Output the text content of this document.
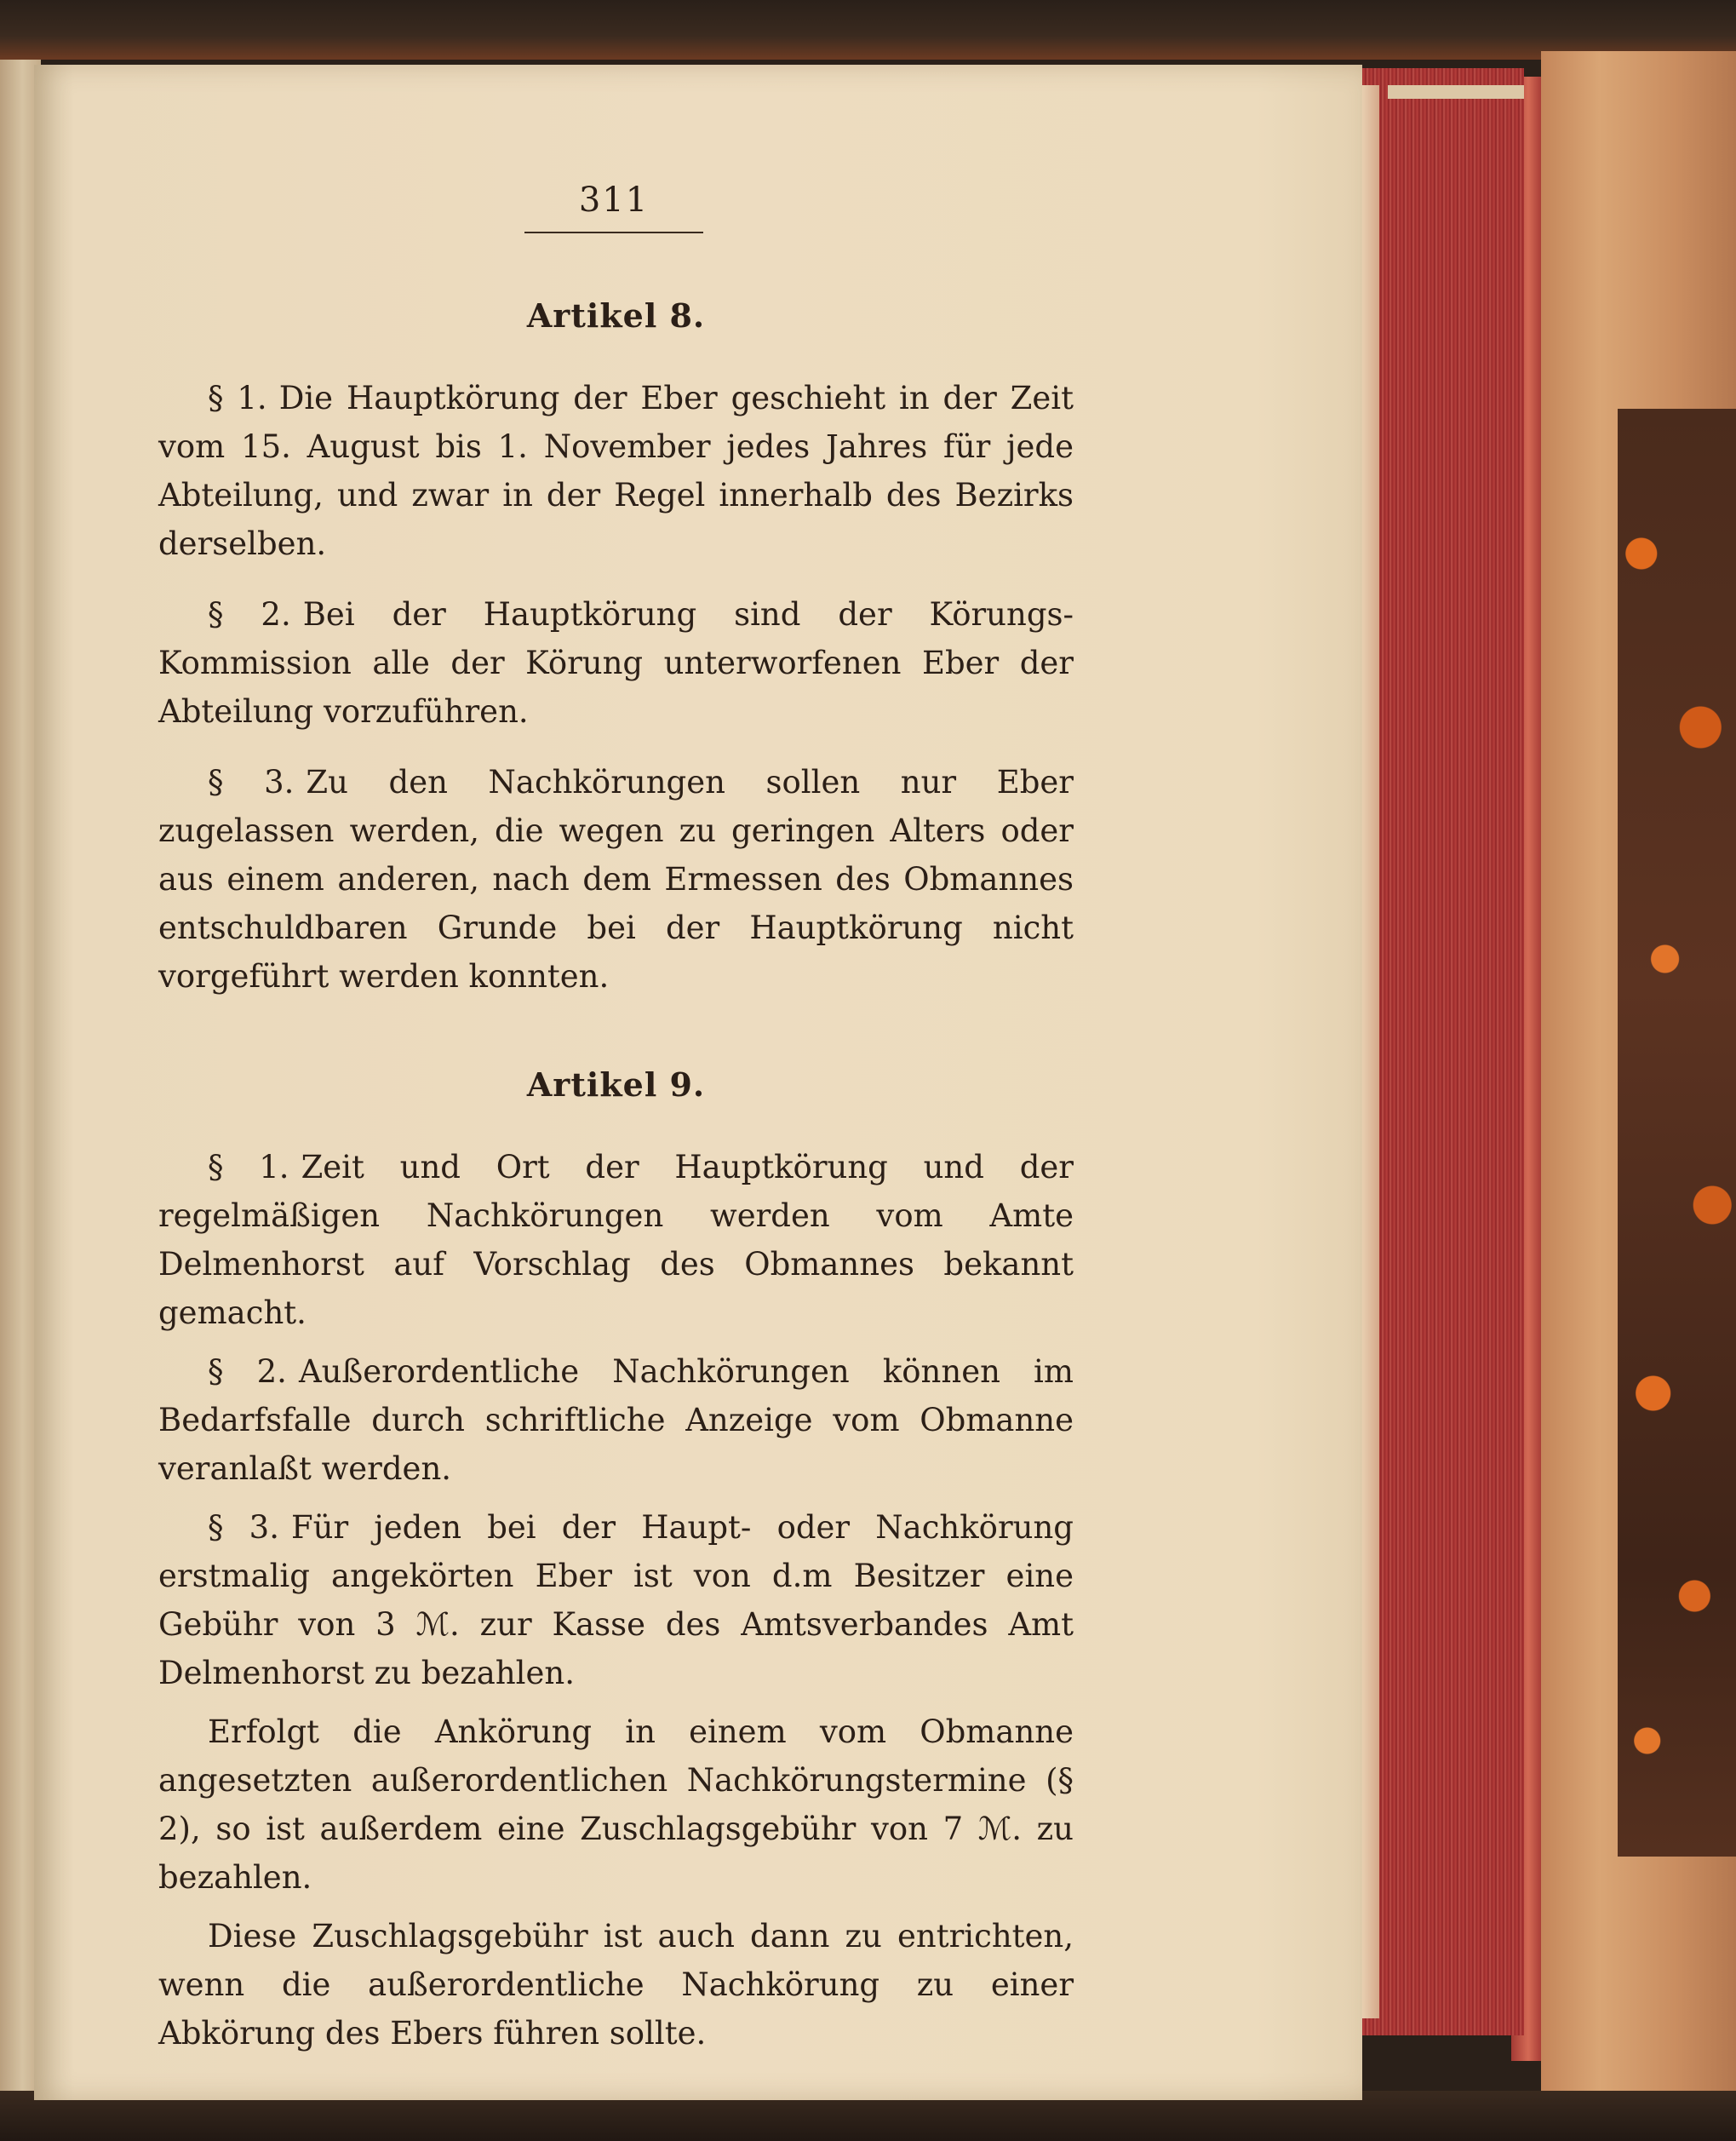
311
Artikel 8.

§ 1. Die Hauptkörung der Eber geschieht in der Zeit vom 15. August bis 1. November jedes Jahres für jede Abteilung, und zwar in der Regel innerhalb des Bezirks derselben.

§ 2. Bei der Hauptkörung sind der Körungs-Kommission alle der Körung unterworfenen Eber der Abteilung vorzuführen.

§ 3. Zu den Nachkörungen sollen nur Eber zugelassen werden, die wegen zu geringen Alters oder aus einem anderen, nach dem Ermessen des Obmannes entschuldbaren Grunde bei der Hauptkörung nicht vorgeführt werden konnten.

Artikel 9.

§ 1. Zeit und Ort der Hauptkörung und der regelmäßigen Nachkörungen werden vom Amte Delmenhorst auf Vorschlag des Obmannes bekannt gemacht.

§ 2. Außerordentliche Nachkörungen können im Bedarfsfalle durch schriftliche Anzeige vom Obmanne veranlaßt werden.

§ 3. Für jeden bei der Haupt- oder Nachkörung erstmalig angekörten Eber ist von d.m Besitzer eine Gebühr von 3 ℳ. zur Kasse des Amtsverbandes Amt Delmenhorst zu bezahlen.

Erfolgt die Ankörung in einem vom Obmanne angesetzten außerordentlichen Nachkörungstermine (§ 2), so ist außerdem eine Zuschlagsgebühr von 7 ℳ. zu bezahlen.

Diese Zuschlagsgebühr ist auch dann zu entrichten, wenn die außerordentliche Nachkörung zu einer Abkörung des Ebers führen sollte.
